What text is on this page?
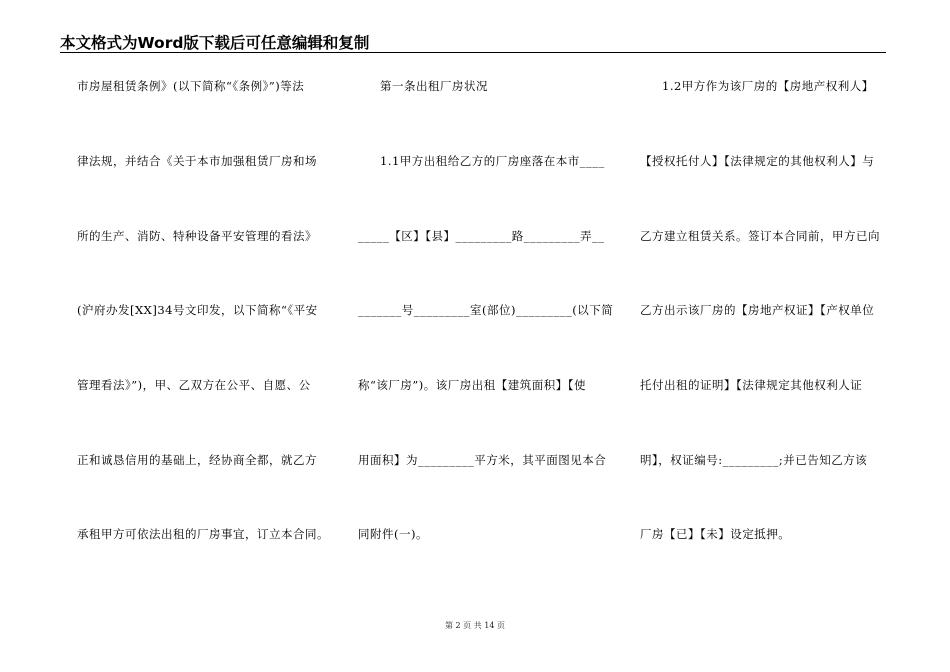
本文格式为Word版下载后可任意编辑和复制
市房屋租赁条例》(以下简称“《条例》”)等法
律法规，并结合《关于本市加强租赁厂房和场
所的生产、消防、特种设备平安管理的看法》
(沪府办发[XX]34号文印发，以下简称“《平安
管理看法》”)，甲、乙双方在公平、自愿、公
正和诚恳信用的基础上，经协商全都，就乙方
承租甲方可依法出租的厂房事宜，订立本合同。
第一条出租厂房状况
1.1甲方出租给乙方的厂房座落在本市____
_____【区】【县】_________路_________弄__
_______号_________室(部位)_________(以下简
称“该厂房”)。该厂房出租【建筑面积】【使
用面积】为_________平方米，其平面图见本合
同附件(一)。
1.2甲方作为该厂房的【房地产权利人】
【授权托付人】【法律规定的其他权利人】与
乙方建立租赁关系。签订本合同前，甲方已向
乙方出示该厂房的【房地产权证】【产权单位
托付出租的证明】【法律规定其他权利人证
明】，权证编号:_________;并已告知乙方该
厂房【已】【未】设定抵押。
第 2 页 共 14 页
